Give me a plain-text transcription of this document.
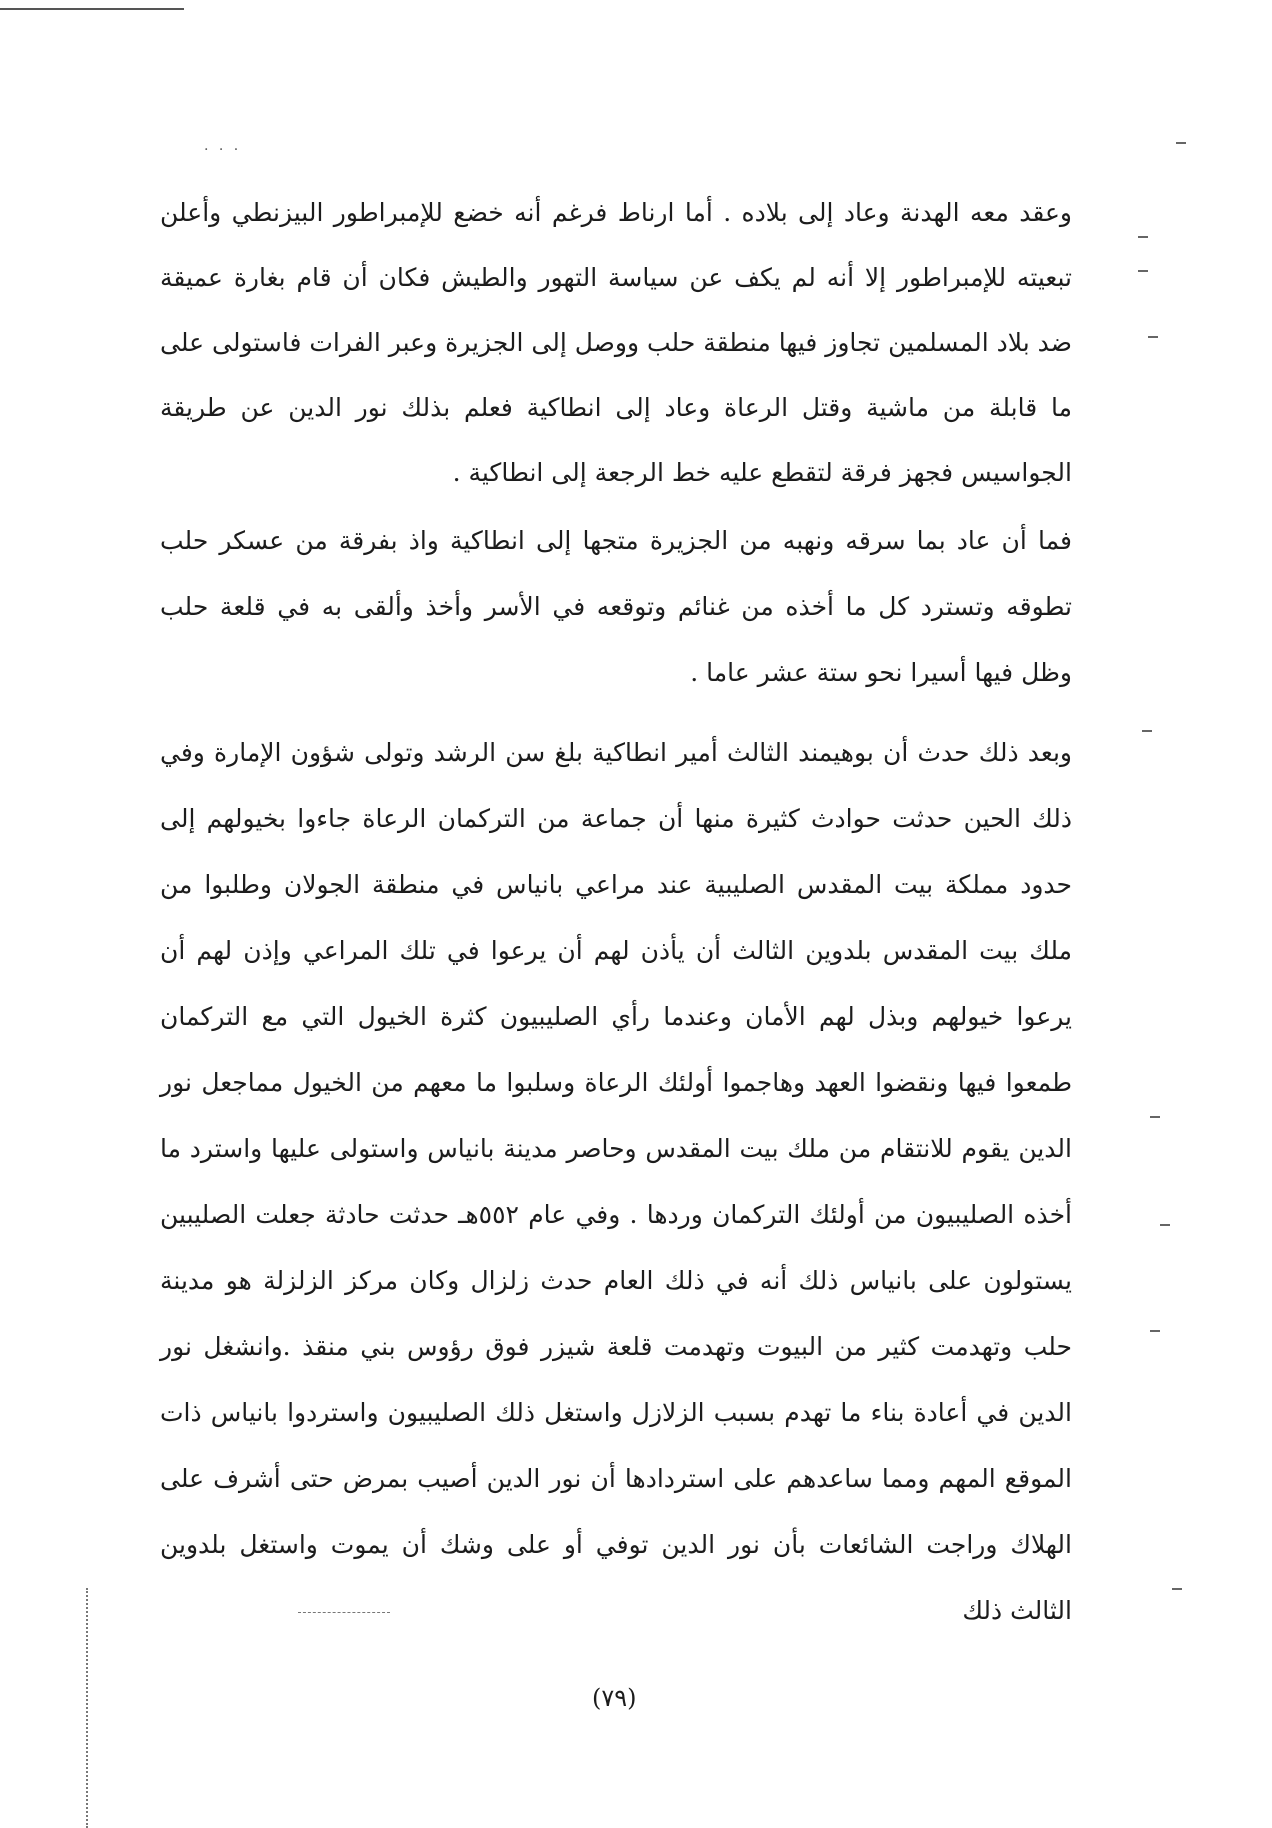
. . .

وعقد معه الهدنة وعاد إلى بلاده . أما ارناط فرغم أنه خضع للإمبراطور البيزنطي وأعلن تبعيته للإمبراطور إلا أنه لم يكف عن سياسة التهور والطيش فكان أن قام بغارة عميقة ضد بلاد المسلمين تجاوز فيها منطقة حلب ووصل إلى الجزيرة وعبر الفرات فاستولى على ما قابلة من ماشية وقتل الرعاة وعاد إلى انطاكية فعلم بذلك نور الدين عن طريقة الجواسيس فجهز فرقة لتقطع عليه خط الرجعة إلى انطاكية .

فما أن عاد بما سرقه ونهبه من الجزيرة متجها إلى انطاكية واذ بفرقة من عسكر حلب تطوقه وتسترد كل ما أخذه من غنائم وتوقعه في الأسر وأخذ وألقى به في قلعة حلب وظل فيها أسيرا نحو ستة عشر عاما .

وبعد ذلك حدث أن بوهيمند الثالث أمير انطاكية بلغ سن الرشد وتولى شؤون الإمارة وفي ذلك الحين حدثت حوادث كثيرة منها أن جماعة من التركمان الرعاة جاءوا بخيولهم إلى حدود مملكة بيت المقدس الصليبية عند مراعي بانياس في منطقة الجولان وطلبوا من ملك بيت المقدس بلدوين الثالث أن يأذن لهم أن يرعوا في تلك المراعي وإذن لهم أن يرعوا خيولهم وبذل لهم الأمان وعندما رأي الصليبيون كثرة الخيول التي مع التركمان طمعوا فيها ونقضوا العهد وهاجموا أولئك الرعاة وسلبوا ما معهم من الخيول مماجعل نور الدين يقوم للانتقام من ملك بيت المقدس وحاصر مدينة بانياس واستولى عليها واسترد ما أخذه الصليبيون من أولئك التركمان وردها . وفي عام ٥٥٢هـ حدثت حادثة جعلت الصليبين يستولون على بانياس ذلك أنه في ذلك العام حدث زلزال وكان مركز الزلزلة هو مدينة حلب وتهدمت كثير من البيوت وتهدمت قلعة شيزر فوق رؤوس بني منقذ .وانشغل نور الدين في أعادة بناء ما تهدم بسبب الزلازل واستغل ذلك الصليبيون واستردوا بانياس ذات الموقع المهم ومما ساعدهم على استردادها أن نور الدين أصيب بمرض حتى أشرف على الهلاك وراجت الشائعات بأن نور الدين توفي أو على وشك أن يموت واستغل بلدوين الثالث ذلك

(٧٩)
